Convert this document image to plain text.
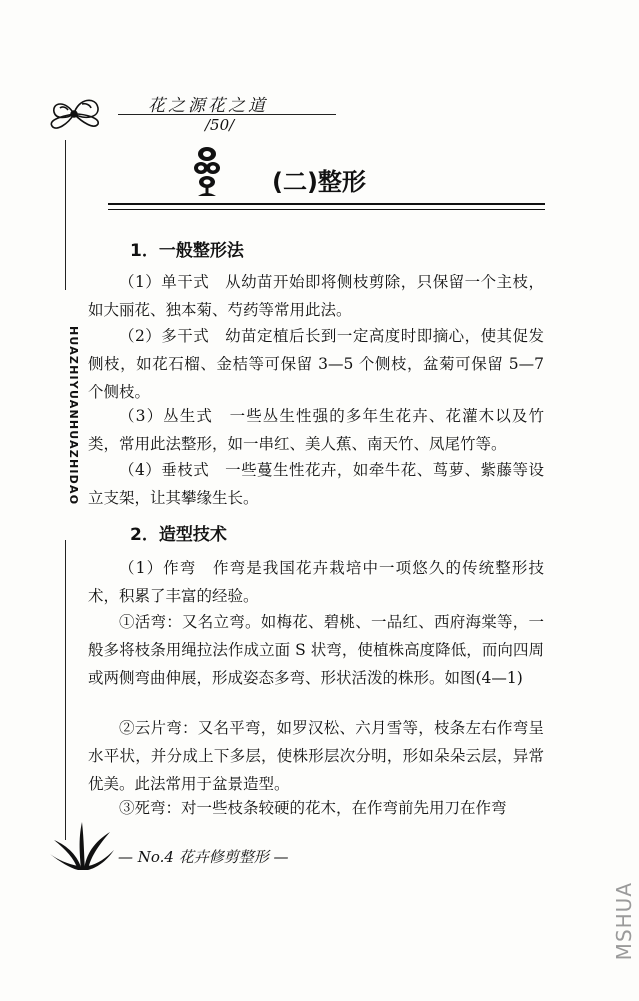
花之源花之道
/50/
HUAZHIYUANHUAZHIDAO
(二)整形
1．一般整形法

（1）单干式　从幼苗开始即将侧枝剪除，只保留一个主枝，如大丽花、独本菊、芍药等常用此法。

（2）多干式　幼苗定植后长到一定高度时即摘心，使其促发侧枝，如花石榴、金桔等可保留 3—5 个侧枝，盆菊可保留 5—7 个侧枝。

（3）丛生式　一些丛生性强的多年生花卉、花灌木以及竹类，常用此法整形，如一串红、美人蕉、南天竹、凤尾竹等。

（4）垂枝式　一些蔓生性花卉，如牵牛花、茑萝、紫藤等设立支架，让其攀缘生长。

2．造型技术

（1）作弯　作弯是我国花卉栽培中一项悠久的传统整形技术，积累了丰富的经验。

①活弯：又名立弯。如梅花、碧桃、一品红、西府海棠等，一般多将枝条用绳拉法作成立面 S 状弯，使植株高度降低，而向四周或两侧弯曲伸展，形成姿态多弯、形状活泼的株形。如图(4—1)

②云片弯：又名平弯，如罗汉松、六月雪等，枝条左右作弯呈水平状，并分成上下多层，使株形层次分明，形如朵朵云层，异常优美。此法常用于盆景造型。

③死弯：对一些枝条较硬的花木，在作弯前先用刀在作弯

— No.4 花卉修剪整形 —
MSHUA
